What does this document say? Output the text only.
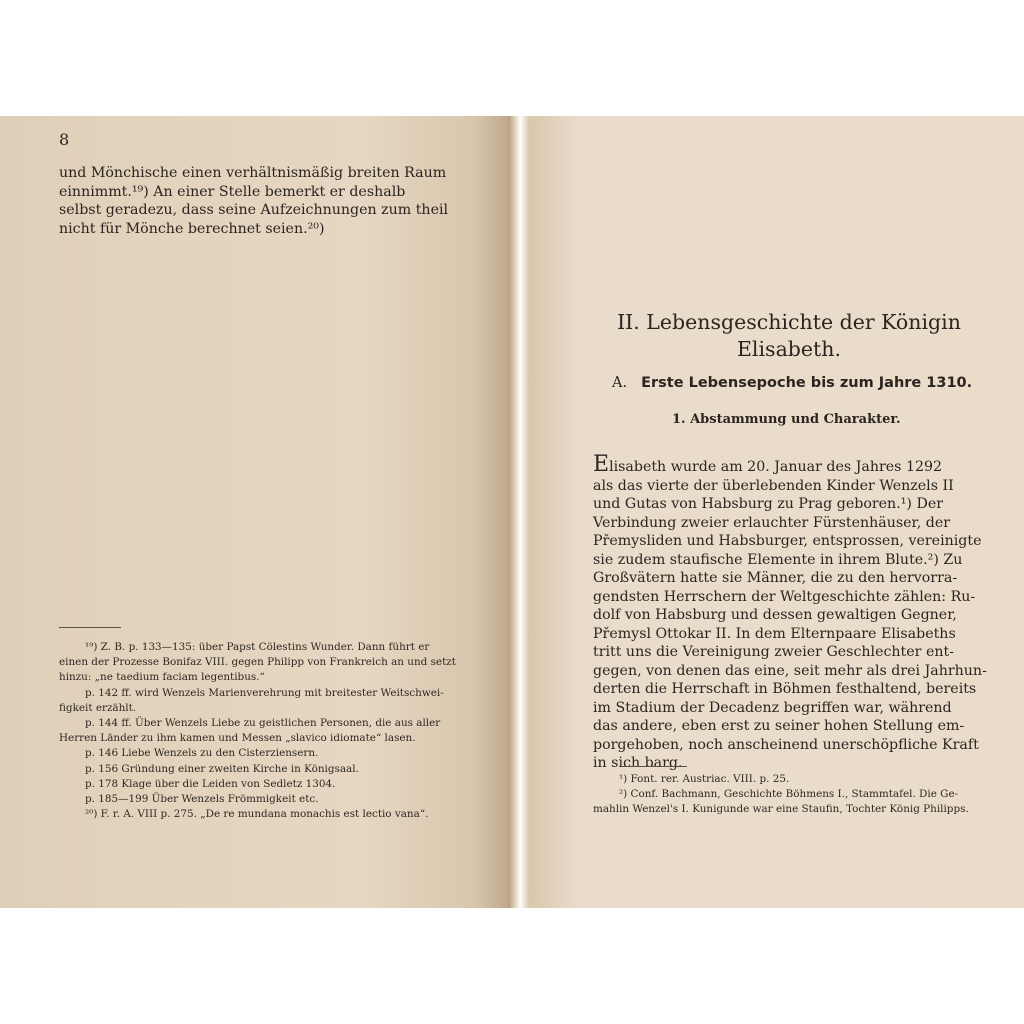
8

und Mönchische einen verhältnismäßig breiten Raum
einnimmt.¹⁹) An einer Stelle bemerkt er deshalb
selbst geradezu, dass seine Aufzeichnungen zum theil
nicht für Mönche berechnet seien.²⁰)

¹⁹) Z. B. p. 133—135: über Papst Cölestins Wunder. Dann führt er
einen der Prozesse Bonifaz VIII. gegen Philipp von Frankreich an und setzt
hinzu: „ne taedium faciam legentibus.“
p. 142 ff. wird Wenzels Marienverehrung mit breitester Weitschwei-
figkeit erzählt.
p. 144 ff. Über Wenzels Liebe zu geistlichen Personen, die aus aller
Herren Länder zu ihm kamen und Messen „slavico idiomate“ lasen.
p. 146 Liebe Wenzels zu den Cisterziensern.
p. 156 Gründung einer zweiten Kirche in Königsaal.
p. 178 Klage über die Leiden von Sedletz 1304.
p. 185—199 Über Wenzels Frömmigkeit etc.
²⁰) F. r. A. VIII p. 275. „De re mundana monachis est lectio vana“.

II. Lebensgeschichte der Königin
Elisabeth.
A. Erste Lebensepoche bis zum Jahre 1310.
1. Abstammung und Charakter.

Elisabeth wurde am 20. Januar des Jahres 1292
als das vierte der überlebenden Kinder Wenzels II
und Gutas von Habsburg zu Prag geboren.¹) Der
Verbindung zweier erlauchter Fürstenhäuser, der
Přemysliden und Habsburger, entsprossen, vereinigte
sie zudem staufische Elemente in ihrem Blute.²) Zu
Großvätern hatte sie Männer, die zu den hervorra-
gendsten Herrschern der Weltgeschichte zählen: Ru-
dolf von Habsburg und dessen gewaltigen Gegner,
Přemysl Ottokar II. In dem Elternpaare Elisabeths
tritt uns die Vereinigung zweier Geschlechter ent-
gegen, von denen das eine, seit mehr als drei Jahrhun-
derten die Herrschaft in Böhmen festhaltend, bereits
im Stadium der Decadenz begriffen war, während
das andere, eben erst zu seiner hohen Stellung em-
porgehoben, noch anscheinend unerschöpfliche Kraft
in sich barg.

¹) Font. rer. Austriac. VIII. p. 25.
²) Conf. Bachmann, Geschichte Böhmens I., Stammtafel. Die Ge-
mahlin Wenzel's I. Kunigunde war eine Staufin, Tochter König Philipps.
